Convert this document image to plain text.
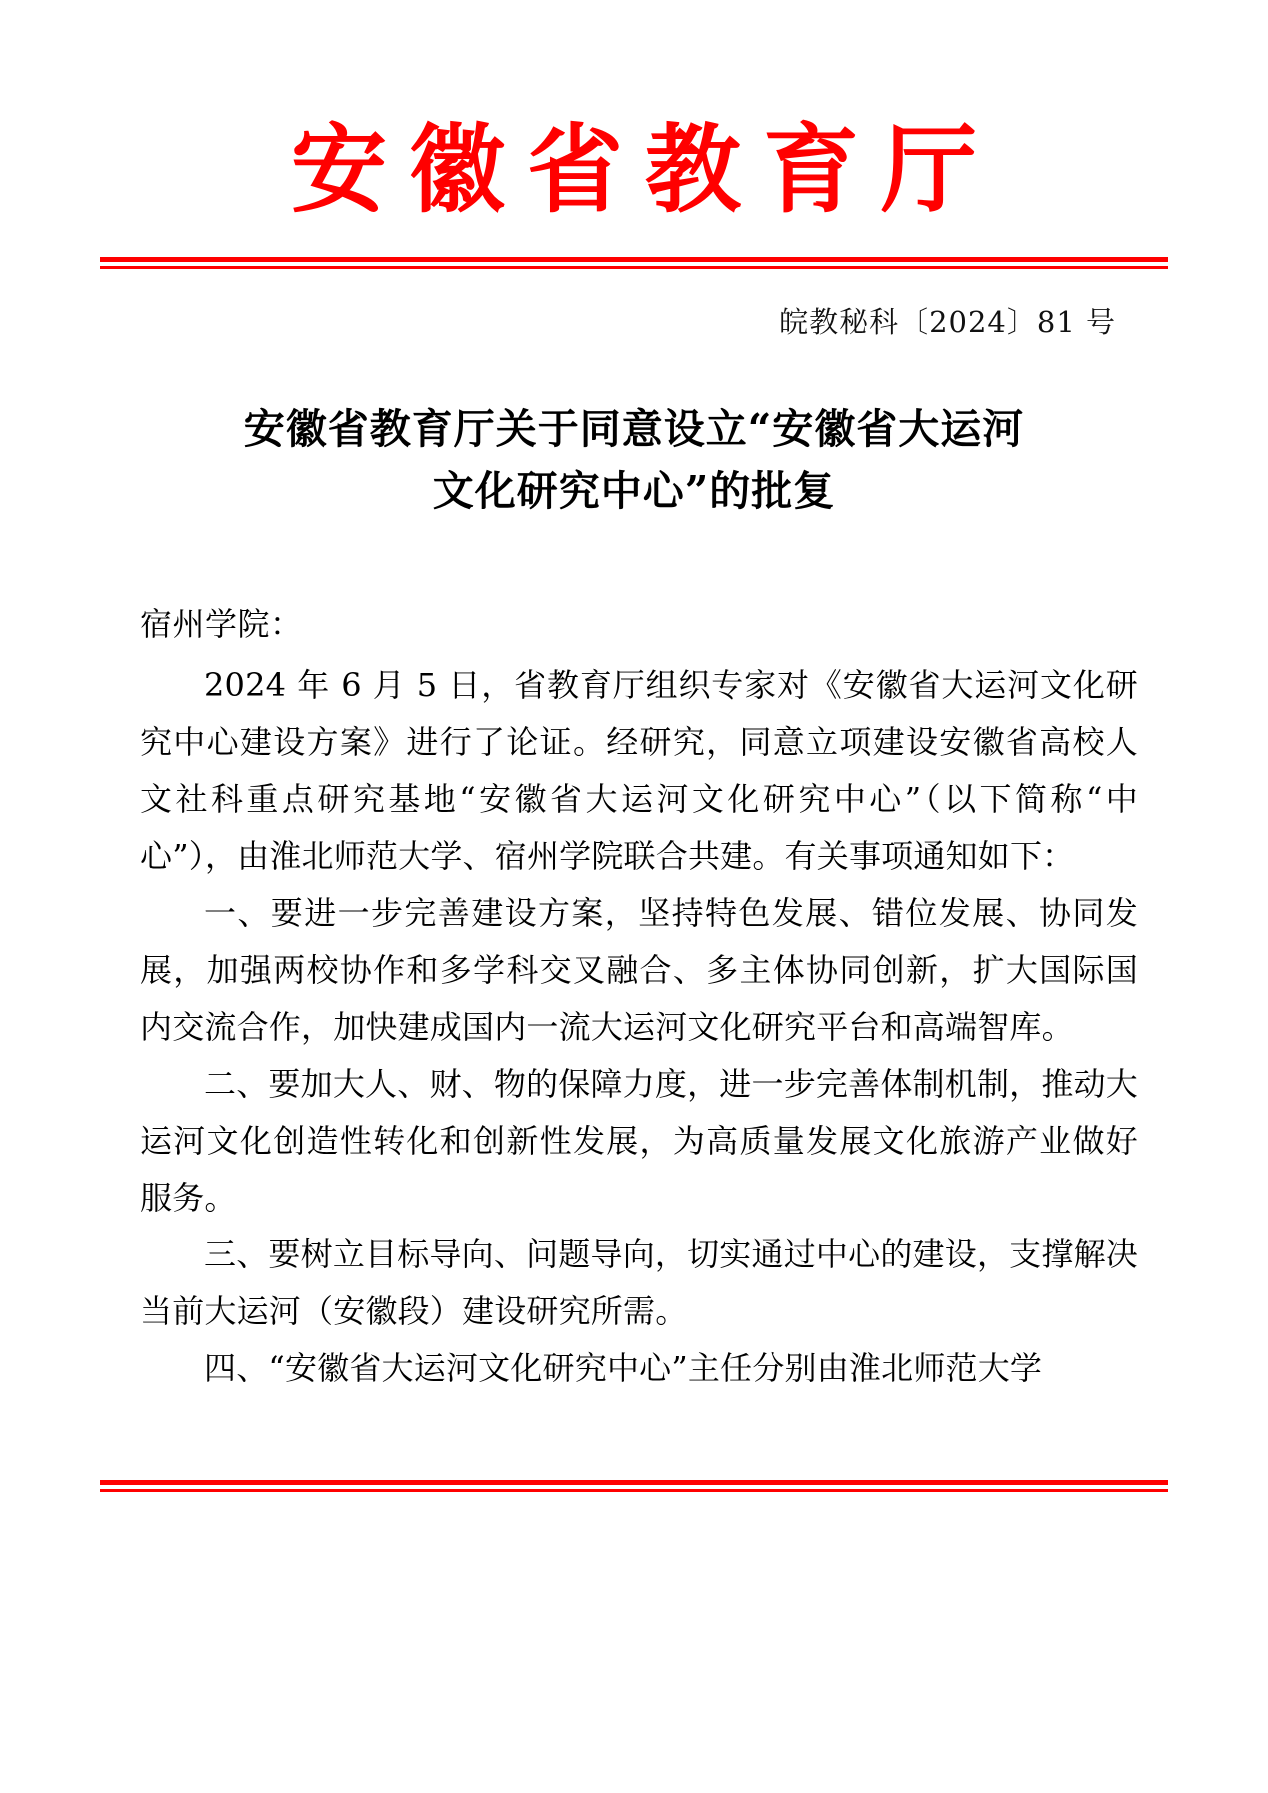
安徽省教育厅
皖教秘科〔2024〕81 号
安徽省教育厅关于同意设立“安徽省大运河
文化研究中心”的批复

宿州学院：

2024 年 6 月 5 日，省教育厅组织专家对《安徽省大运河文化研究中心建设方案》进行了论证。经研究，同意立项建设安徽省高校人文社科重点研究基地“安徽省大运河文化研究中心”（以下简称“中心”），由淮北师范大学、宿州学院联合共建。有关事项通知如下：

一、要进一步完善建设方案，坚持特色发展、错位发展、协同发展，加强两校协作和多学科交叉融合、多主体协同创新，扩大国际国内交流合作，加快建成国内一流大运河文化研究平台和高端智库。

二、要加大人、财、物的保障力度，进一步完善体制机制，推动大运河文化创造性转化和创新性发展，为高质量发展文化旅游产业做好服务。

三、要树立目标导向、问题导向，切实通过中心的建设，支撑解决当前大运河（安徽段）建设研究所需。

四、“安徽省大运河文化研究中心”主任分别由淮北师范大学
